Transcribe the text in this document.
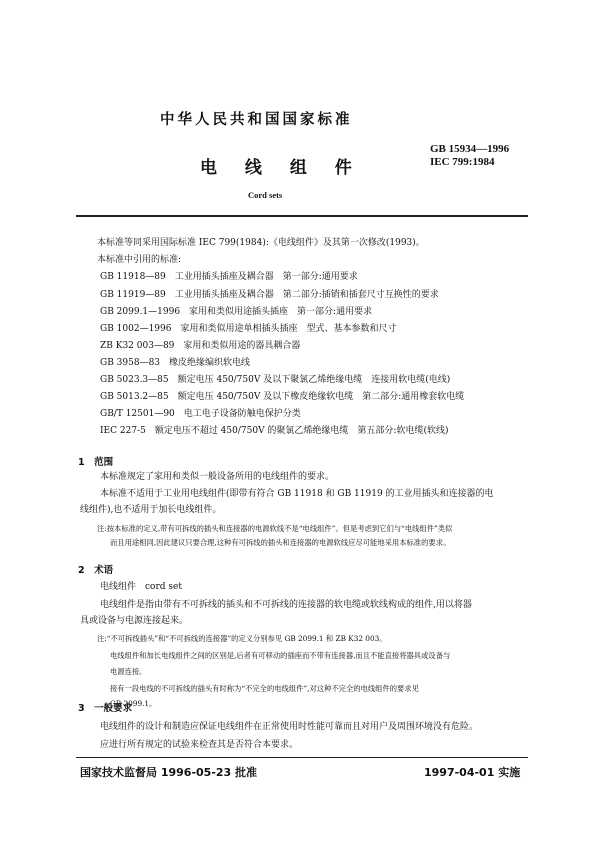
中华人民共和国国家标准
GB 15934—1996
IEC 799:1984
电 线 组 件
Cord sets
本标准等同采用国际标准 IEC 799(1984):《电线组件》及其第一次修改(1993)。
本标准中引用的标准:
GB 11918—89　工业用插头插座及耦合器　第一部分:通用要求
GB 11919—89　工业用插头插座及耦合器　第二部分:插销和插套尺寸互换性的要求
GB 2099.1—1996　家用和类似用途插头插座　第一部分:通用要求
GB 1002—1996　家用和类似用途单相插头插座　型式、基本参数和尺寸
ZB K32 003—89　家用和类似用途的器具耦合器
GB 3958—83　橡皮绝缘编织软电线
GB 5023.3—85　额定电压 450/750V 及以下聚氯乙烯绝缘电缆　连接用软电缆(电线)
GB 5013.2—85　额定电压 450/750V 及以下橡皮绝缘软电缆　第二部分:通用橡套软电缆
GB/T 12501—90　电工电子设备防触电保护分类
IEC 227-5　额定电压不超过 450/750V 的聚氯乙烯绝缘电缆　第五部分:软电缆(软线)
1　范围
本标准规定了家用和类似一般设备所用的电线组件的要求。
本标准不适用于工业用电线组件(即带有符合 GB 11918 和 GB 11919 的工业用插头和连接器的电
线组件),也不适用于加长电线组件。
注:按本标准的定义,带有可拆线的插头和连接器的电源软线不是“电线组件”。但是考虑到它们与“电线组件”类似
而且用途相同,因此建议只要合理,这种有可拆线的插头和连接器的电源软线应尽可能地采用本标准的要求。
2　术语
电线组件　cord set
电线组件是指由带有不可拆线的插头和不可拆线的连接器的软电缆或软线构成的组件,用以将器
具或设备与电源连接起来。
注:“不可拆线插头”和“不可拆线的连接器”的定义分别参见 GB 2099.1 和 ZB K32 003。
电线组件和加长电线组件之间的区别是,后者有可移动的插座而不带有连接器,而且不能直接将器具或设备与
电源连接。
接有一段电线的不可拆线的插头有时称为“不完全的电线组件”,对这种不完全的电线组件的要求见
GB 2099.1。
3　一般要求
电线组件的设计和制造应保证电线组件在正常使用时性能可靠而且对用户及周围环境没有危险。
应进行所有规定的试验来检查其是否符合本要求。
国家技术监督局 1996-05-23 批准	1997-04-01 实施
